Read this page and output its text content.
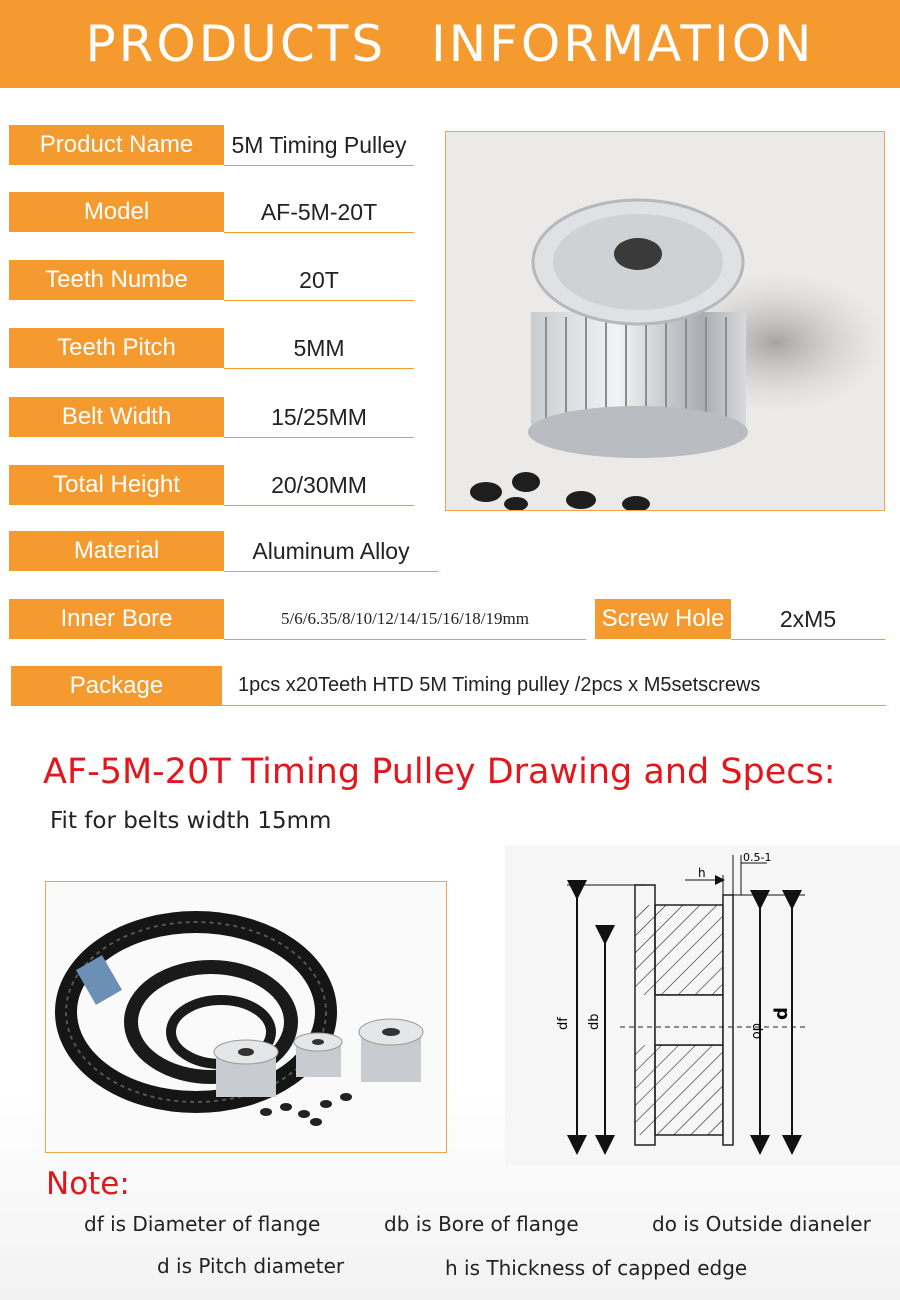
PRODUCTS INFORMATION
Product Name	5M Timing Pulley
Model	AF-5M-20T
Teeth Numbe	20T
Teeth Pitch	5MM
Belt Width	15/25MM
Total Height	20/30MM
Material	Aluminum Alloy
Inner Bore	5/6/6.35/8/10/12/14/15/16/18/19mm	Screw Hole	2xM5
Package	1pcs x20Teeth HTD 5M Timing pulley /2pcs x M5setscrews
AF-5M-20T Timing Pulley Drawing and Specs:
Fit for belts width 15mm
df db
do
d
h
0.5-1
Note:
df is Diameter of flange	db is Bore of flange	do is Outside dianeler
d is Pitch diameter	h is Thickness of capped edge
